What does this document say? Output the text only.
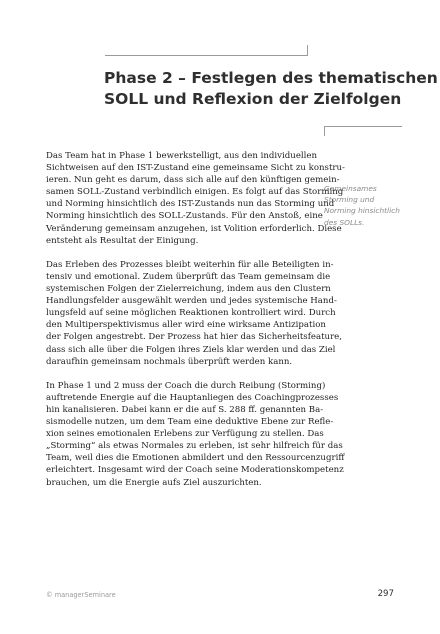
Phase 2 – Festlegen des thematischen
SOLL und Reflexion der Zielfolgen
Gemeinsames
Storming und
Norming hinsichtlich
des SOLLs.

Das Team hat in Phase 1 bewerkstelligt, aus den individuellen
Sichtweisen auf den IST-Zustand eine gemeinsame Sicht zu konstru-
ieren. Nun geht es darum, dass sich alle auf den künftigen gemein-
samen SOLL-Zustand verbindlich einigen. Es folgt auf das Storming
und Norming hinsichtlich des IST-Zustands nun das Storming und
Norming hinsichtlich des SOLL-Zustands. Für den Anstoß, eine
Veränderung gemeinsam anzugehen, ist Volition erforderlich. Diese
entsteht als Resultat der Einigung.

Das Erleben des Prozesses bleibt weiterhin für alle Beteiligten in-
tensiv und emotional. Zudem überprüft das Team gemeinsam die
systemischen Folgen der Zielerreichung, indem aus den Clustern
Handlungsfelder ausgewählt werden und jedes systemische Hand-
lungsfeld auf seine möglichen Reaktionen kontrolliert wird. Durch
den Multiperspektivismus aller wird eine wirksame Antizipation
der Folgen angestrebt. Der Prozess hat hier das Sicherheitsfeature,
dass sich alle über die Folgen ihres Ziels klar werden und das Ziel
daraufhin gemeinsam nochmals überprüft werden kann.

In Phase 1 und 2 muss der Coach die durch Reibung (Storming)
auftretende Energie auf die Hauptanliegen des Coachingprozesses
hin kanalisieren. Dabei kann er die auf S. 288 ff. genannten Ba-
sismodelle nutzen, um dem Team eine deduktive Ebene zur Refle-
xion seines emotionalen Erlebens zur Verfügung zu stellen. Das
„Storming“ als etwas Normales zu erleben, ist sehr hilfreich für das
Team, weil dies die Emotionen abmildert und den Ressourcenzugriff
erleichtert. Insgesamt wird der Coach seine Moderationskompetenz
brauchen, um die Energie aufs Ziel auszurichten.

© managerSeminare	297
